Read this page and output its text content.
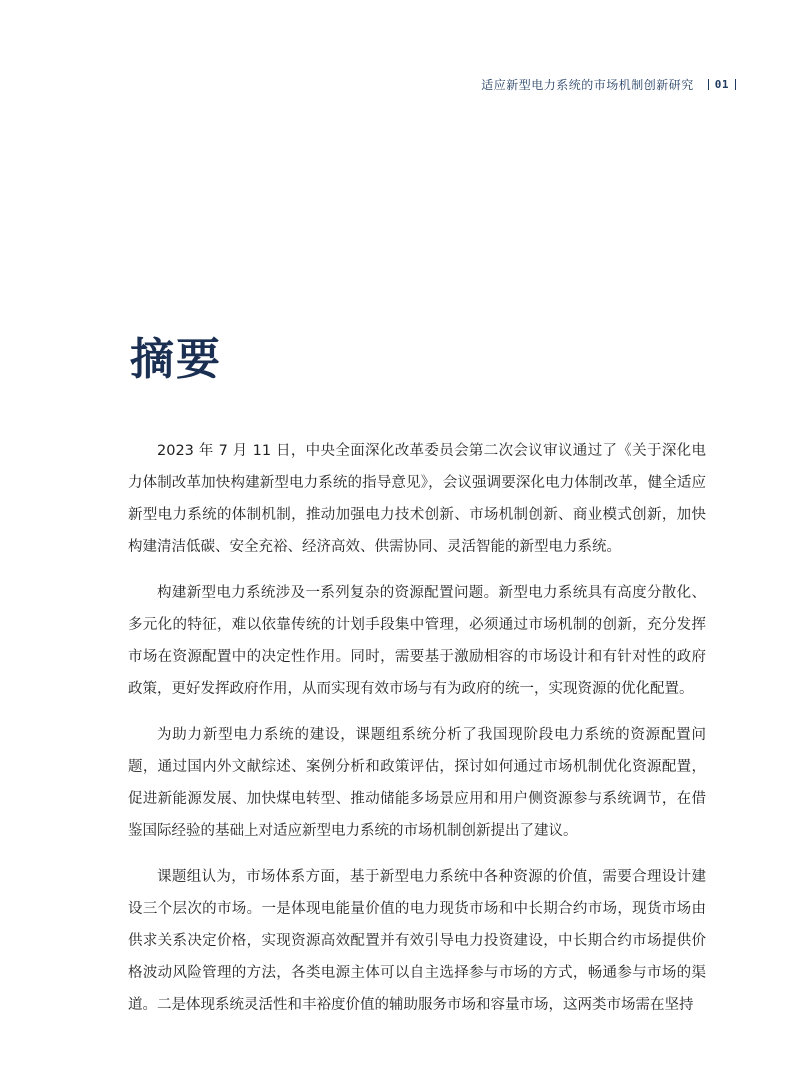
适应新型电力系统的市场机制创新研究 01
摘要

2023 年 7 月 11 日，中央全面深化改革委员会第二次会议审议通过了《关于深化电力体制改革加快构建新型电力系统的指导意见》，会议强调要深化电力体制改革，健全适应新型电力系统的体制机制，推动加强电力技术创新、市场机制创新、商业模式创新，加快构建清洁低碳、安全充裕、经济高效、供需协同、灵活智能的新型电力系统。

构建新型电力系统涉及一系列复杂的资源配置问题。新型电力系统具有高度分散化、多元化的特征，难以依靠传统的计划手段集中管理，必须通过市场机制的创新，充分发挥市场在资源配置中的决定性作用。同时，需要基于激励相容的市场设计和有针对性的政府政策，更好发挥政府作用，从而实现有效市场与有为政府的统一，实现资源的优化配置。

为助力新型电力系统的建设，课题组系统分析了我国现阶段电力系统的资源配置问题，通过国内外文献综述、案例分析和政策评估，探讨如何通过市场机制优化资源配置，促进新能源发展、加快煤电转型、推动储能多场景应用和用户侧资源参与系统调节，在借鉴国际经验的基础上对适应新型电力系统的市场机制创新提出了建议。

课题组认为，市场体系方面，基于新型电力系统中各种资源的价值，需要合理设计建设三个层次的市场。一是体现电能量价值的电力现货市场和中长期合约市场，现货市场由供求关系决定价格，实现资源高效配置并有效引导电力投资建设，中长期合约市场提供价格波动风险管理的方法，各类电源主体可以自主选择参与市场的方式，畅通参与市场的渠道。二是体现系统灵活性和丰裕度价值的辅助服务市场和容量市场，这两类市场需在坚持
